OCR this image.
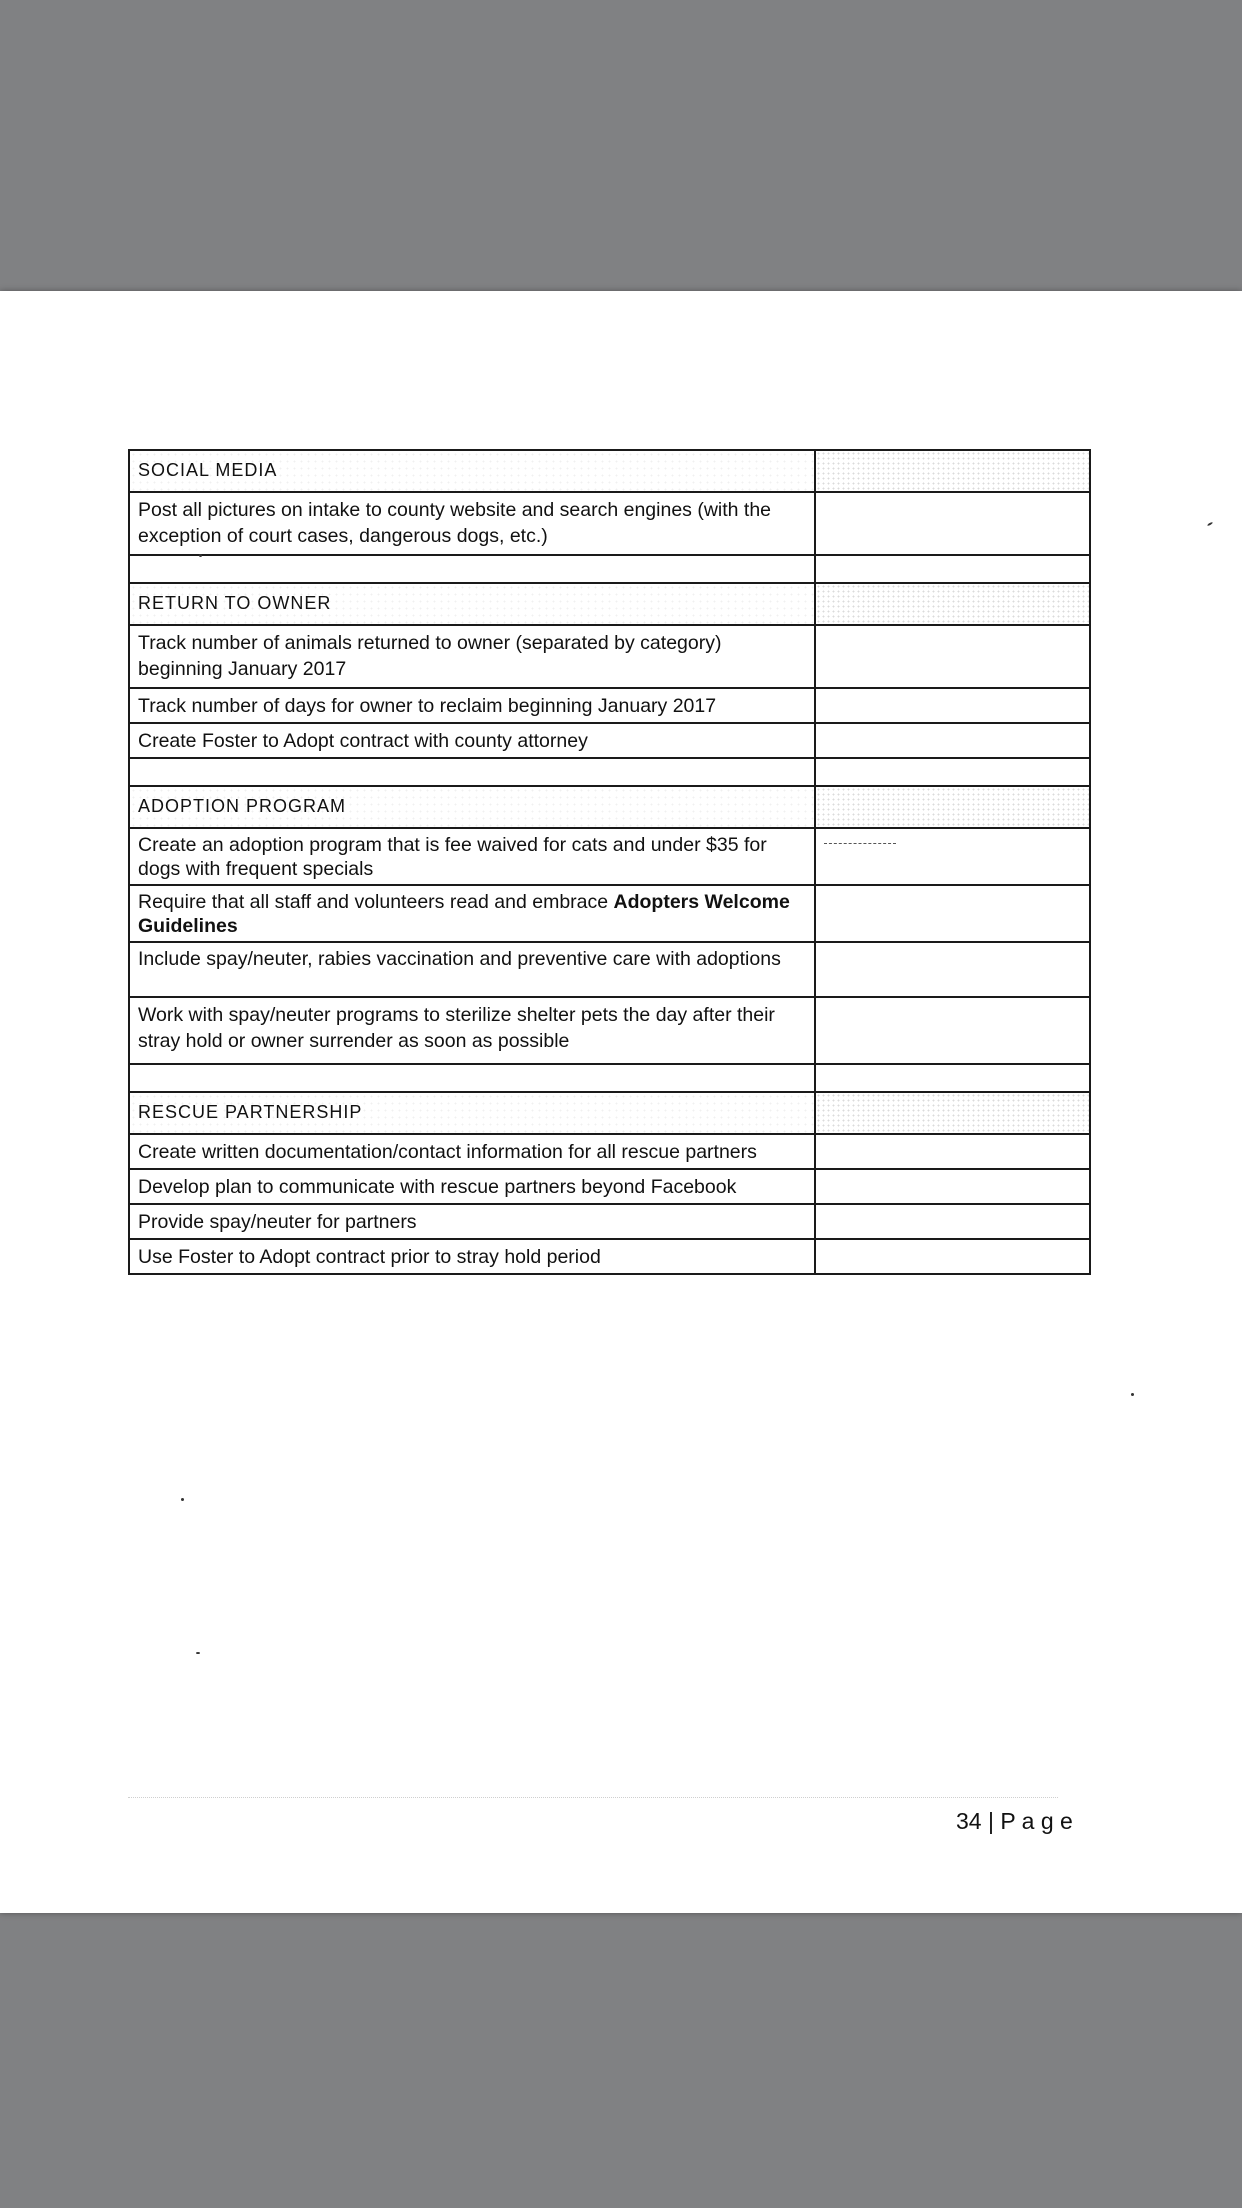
SOCIAL MEDIA	
Post all pictures on intake to county website and search engines (with the exception of court cases, dangerous dogs, etc.)	

RETURN TO OWNER	
Track number of animals returned to owner (separated by category) beginning January 2017	
Track number of days for owner to reclaim beginning January 2017	
Create Foster to Adopt contract with county attorney	

ADOPTION PROGRAM	
Create an adoption program that is fee waived for cats and under $35 for dogs with frequent specials	

Require that all staff and volunteers read and embrace Adopters Welcome Guidelines	
Include spay/neuter, rabies vaccination and preventive care with adoptions	
Work with spay/neuter programs to sterilize shelter pets the day after their stray hold or owner surrender as soon as possible	

RESCUE PARTNERSHIP	
Create written documentation/contact information for all rescue partners	
Develop plan to communicate with rescue partners beyond Facebook	
Provide spay/neuter for partners	
Use Foster to Adopt contract prior to stray hold period	
34 | P a g e
